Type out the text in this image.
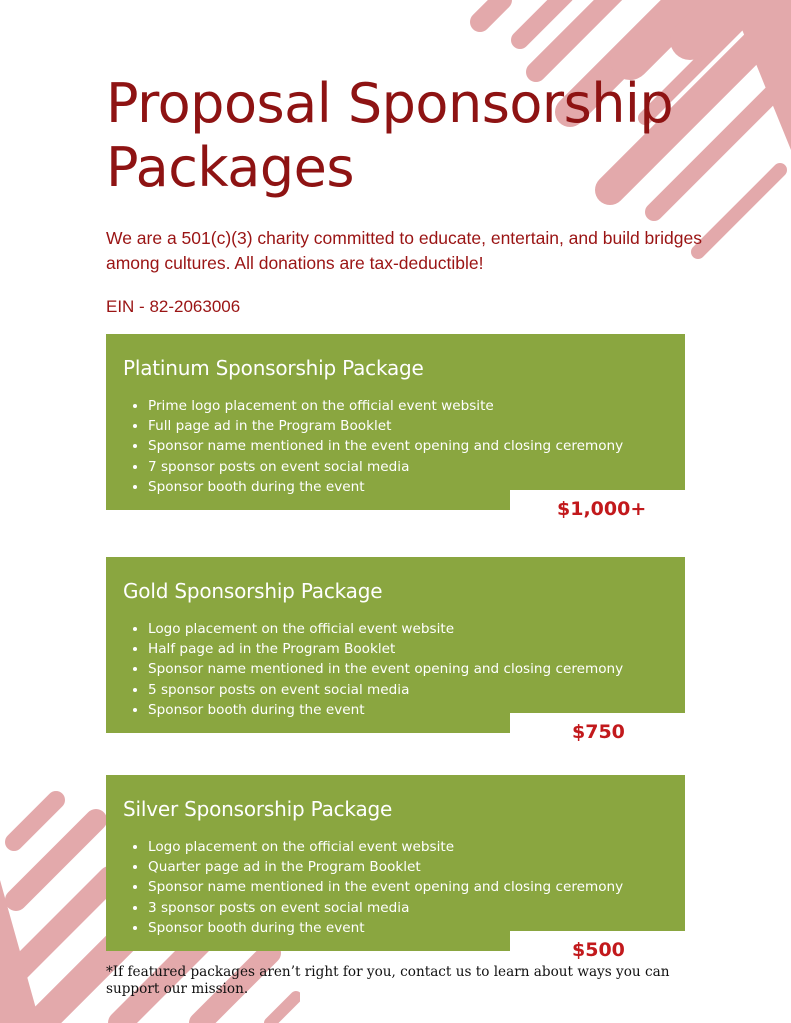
Proposal Sponsorship Packages

We are a 501(c)(3) charity committed to educate, entertain, and build bridges among cultures. All donations are tax-deductible!

EIN - 82-2063006

Platinum Sponsorship Package
• Prime logo placement on the official event website
• Full page ad in the Program Booklet
• Sponsor name mentioned in the event opening and closing ceremony
• 7 sponsor posts on event social media
• Sponsor booth during the event

$1,000+

Gold Sponsorship Package
• Logo placement on the official event website
• Half page ad in the Program Booklet
• Sponsor name mentioned in the event opening and closing ceremony
• 5 sponsor posts on event social media
• Sponsor booth during the event

$750

Silver Sponsorship Package
• Logo placement on the official event website
• Quarter page ad in the Program Booklet
• Sponsor name mentioned in the event opening and closing ceremony
• 3 sponsor posts on event social media
• Sponsor booth during the event

$500

*If featured packages aren’t right for you, contact us to learn about ways you can support our mission.
